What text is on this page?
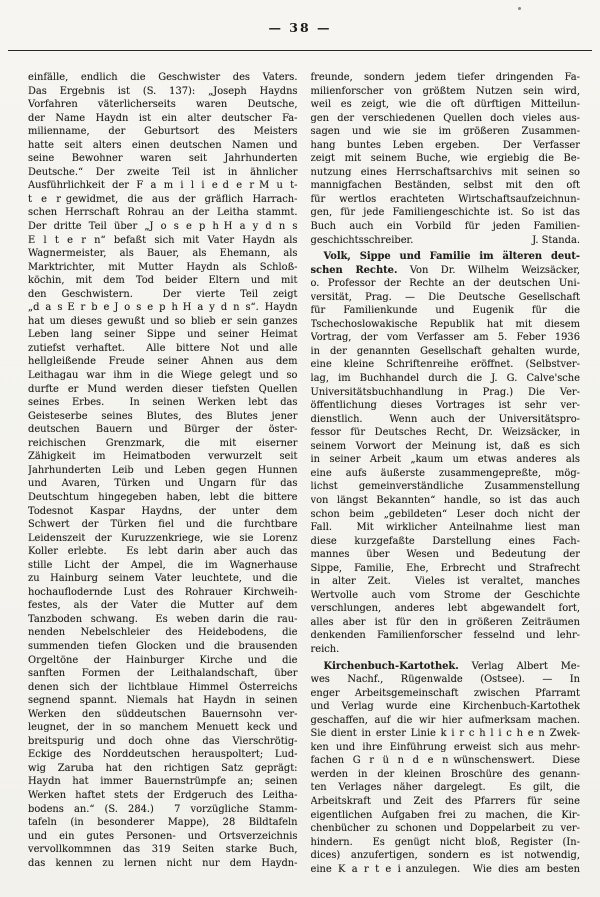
— 38 —
einfälle, endlich die Geschwister des Vaters.
Das Ergebnis ist (S. 137): „Joseph Haydns
Vorfahren väterlicherseits waren Deutsche,
der Name Haydn ist ein alter deutscher Fa-
milienname, der Geburtsort des Meisters
hatte seit alters einen deutschen Namen und
seine Bewohner waren seit Jahrhunderten
Deutsche.“ Der zweite Teil ist in ähnlicher
Ausführlichkeit der F a m i l i e d e r M u t-
t e r gewidmet, die aus der gräflich Harrach-
schen Herrschaft Rohrau an der Leitha stammt.
Der dritte Teil über „J o s e p h H a y d n s
E l t e r n“ befaßt sich mit Vater Haydn als
Wagnermeister, als Bauer, als Ehemann, als
Marktrichter, mit Mutter Haydn als Schloß-
köchin, mit dem Tod beider Eltern und mit
den Geschwistern.  Der vierte Teil zeigt
„d a s E r b e J o s e p h H a y d n s“. Haydn
hat um dieses gewußt und so blieb er sein ganzes
Leben lang seiner Sippe und seiner Heimat
zutiefst verhaftet.  Alle bittere Not und alle
hellgleißende Freude seiner Ahnen aus dem
Leithagau war ihm in die Wiege gelegt und so
durfte er Mund werden dieser tiefsten Quellen
seines Erbes.  In seinen Werken lebt das
Geisteserbe seines Blutes, des Blutes jener
deutschen Bauern und Bürger der öster-
reichischen Grenzmark, die mit eiserner
Zähigkeit im Heimatboden verwurzelt seit
Jahrhunderten Leib und Leben gegen Hunnen
und Avaren, Türken und Ungarn für das
Deutschtum hingegeben haben, lebt die bittere
Todesnot Kaspar Haydns, der unter dem
Schwert der Türken fiel und die furchtbare
Leidenszeit der Kuruzzenkriege, wie sie Lorenz
Koller erlebte.  Es lebt darin aber auch das
stille Licht der Ampel, die im Wagnerhause
zu Hainburg seinem Vater leuchtete, und die
hochauflodernde Lust des Rohrauer Kirchweih-
festes, als der Vater die Mutter auf dem
Tanzboden schwang.  Es weben darin die rau-
nenden Nebelschleier des Heidebodens, die
summenden tiefen Glocken und die brausenden
Orgeltöne der Hainburger Kirche und die
sanften Formen der Leithalandschaft, über
denen sich der lichtblaue Himmel Österreichs
segnend spannt. Niemals hat Haydn in seinen
Werken den süddeutschen Bauernsohn ver-
leugnet, der in so manchem Menuett keck und
breitspurig und doch ohne das Vierschrötig-
Eckige des Norddeutschen herauspoltert; Lud-
wig Zaruba hat den richtigen Satz geprägt:
Haydn hat immer Bauernstrümpfe an; seinen
Werken haftet stets der Erdgeruch des Leitha-
bodens an.“ (S. 284.)  7 vorzügliche Stamm-
tafeln (in besonderer Mappe), 28 Bildtafeln
und ein gutes Personen- und Ortsverzeichnis
vervollkommnen das 319 Seiten starke Buch,
das kennen zu lernen nicht nur dem Haydn-
freunde, sondern jedem tiefer dringenden Fa-
milienforscher von größtem Nutzen sein wird,
weil es zeigt, wie die oft dürftigen Mitteilun-
gen der verschiedenen Quellen doch vieles aus-
sagen und wie sie im größeren Zusammen-
hang buntes Leben ergeben.  Der Verfasser
zeigt mit seinem Buche, wie ergiebig die Be-
nutzung eines Herrschaftsarchivs mit seinen so
mannigfachen Beständen, selbst mit den oft
für wertlos erachteten Wirtschaftsaufzeichnun-
gen, für jede Familiengeschichte ist. So ist das
Buch auch ein Vorbild für jeden Familien-
geschichtsschreiber.	J. Standa.
Volk, Sippe und Familie im älteren deut-
schen Rechte. Von Dr. Wilhelm Weizsäcker,
o. Professor der Rechte an der deutschen Uni-
versität, Prag. — Die Deutsche Gesellschaft
für Familienkunde und Eugenik für die
Tschechoslowakische Republik hat mit diesem
Vortrag, der vom Verfasser am 5. Feber 1936
in der genannten Gesellschaft gehalten wurde,
eine kleine Schriftenreihe eröffnet. (Selbstver-
lag, im Buchhandel durch die J. G. Calve'sche
Universitätsbuchhandlung in Prag.) Die Ver-
öffentlichung dieses Vortrages ist sehr ver-
dienstlich.  Wenn auch der Universitätspro-
fessor für Deutsches Recht, Dr. Weizsäcker, in
seinem Vorwort der Meinung ist, daß es sich
in seiner Arbeit „kaum um etwas anderes als
eine aufs äußerste zusammengepreßte, mög-
lichst gemeinverständliche Zusammenstellung
von längst Bekannten“ handle, so ist das auch
schon beim „gebildeten“ Leser doch nicht der
Fall.  Mit wirklicher Anteilnahme liest man
diese kurzgefaßte Darstellung eines Fach-
mannes über Wesen und Bedeutung der
Sippe, Familie, Ehe, Erbrecht und Strafrecht
in alter Zeit.  Vieles ist veraltet, manches
Wertvolle auch vom Strome der Geschichte
verschlungen, anderes lebt abgewandelt fort,
alles aber ist für den in größeren Zeiträumen
denkenden Familienforscher fesselnd und lehr-
reich.
Kirchenbuch-Kartothek. Verlag Albert Me-
wes Nachf., Rügenwalde (Ostsee). — In
enger Arbeitsgemeinschaft zwischen Pfarramt
und Verlag wurde eine Kirchenbuch-Kartothek
geschaffen, auf die wir hier aufmerksam machen.
Sie dient in erster Linie k i r c h l i c h e n Zwek-
ken und ihre Einführung erweist sich aus mehr-
fachen G r ü n d e n wünschenswert.  Diese
werden in der kleinen Broschüre des genann-
ten Verlages näher dargelegt.  Es gilt, die
Arbeitskraft und Zeit des Pfarrers für seine
eigentlichen Aufgaben frei zu machen, die Kir-
chenbücher zu schonen und Doppelarbeit zu ver-
hindern.  Es genügt nicht bloß, Register (In-
dices) anzufertigen, sondern es ist notwendig,
eine K a r t e i anzulegen.  Wie dies am besten
